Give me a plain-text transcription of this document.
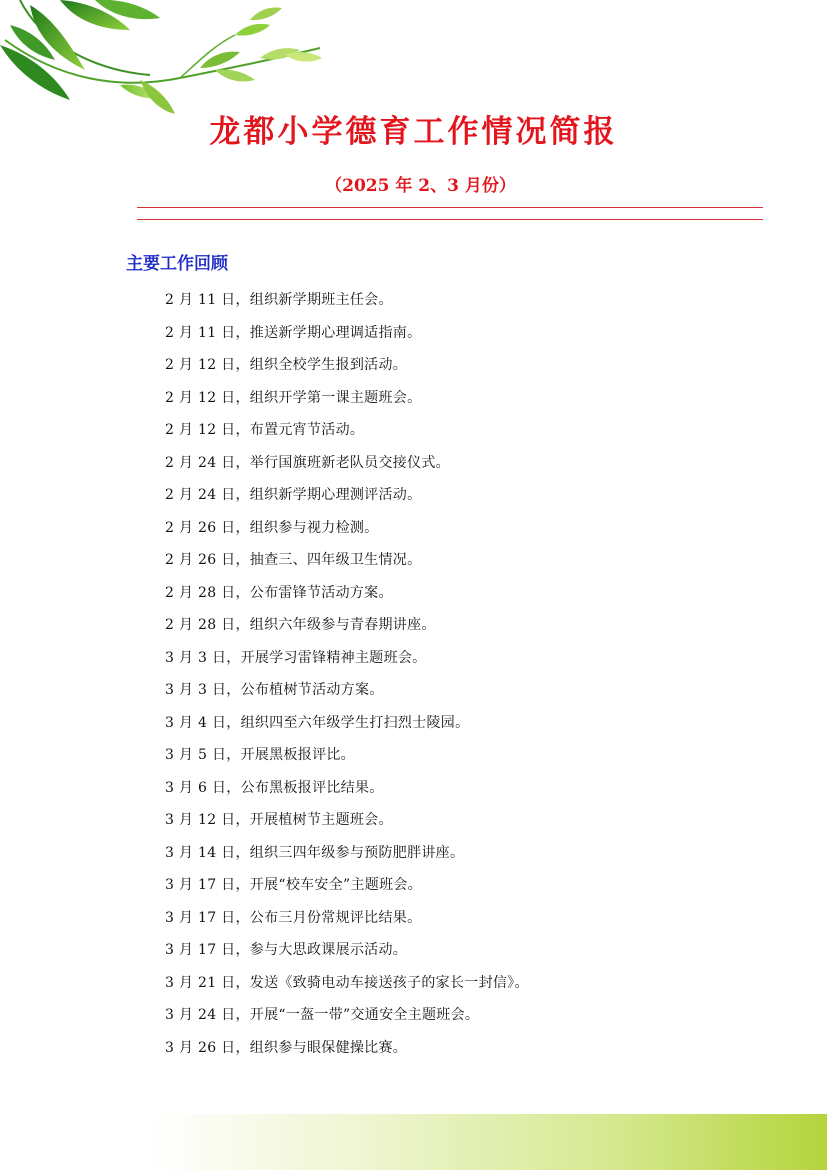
龙都小学德育工作情况简报
（2025 年 2、3 月份）
主要工作回顾
2 月 11 日，组织新学期班主任会。
2 月 11 日，推送新学期心理调适指南。
2 月 12 日，组织全校学生报到活动。
2 月 12 日，组织开学第一课主题班会。
2 月 12 日，布置元宵节活动。
2 月 24 日，举行国旗班新老队员交接仪式。
2 月 24 日，组织新学期心理测评活动。
2 月 26 日，组织参与视力检测。
2 月 26 日，抽查三、四年级卫生情况。
2 月 28 日，公布雷锋节活动方案。
2 月 28 日，组织六年级参与青春期讲座。
3 月 3 日，开展学习雷锋精神主题班会。
3 月 3 日，公布植树节活动方案。
3 月 4 日，组织四至六年级学生打扫烈士陵园。
3 月 5 日，开展黑板报评比。
3 月 6 日，公布黑板报评比结果。
3 月 12 日，开展植树节主题班会。
3 月 14 日，组织三四年级参与预防肥胖讲座。
3 月 17 日，开展“校车安全”主题班会。
3 月 17 日，公布三月份常规评比结果。
3 月 17 日，参与大思政课展示活动。
3 月 21 日，发送《致骑电动车接送孩子的家长一封信》。
3 月 24 日，开展“一盔一带”交通安全主题班会。
3 月 26 日，组织参与眼保健操比赛。
